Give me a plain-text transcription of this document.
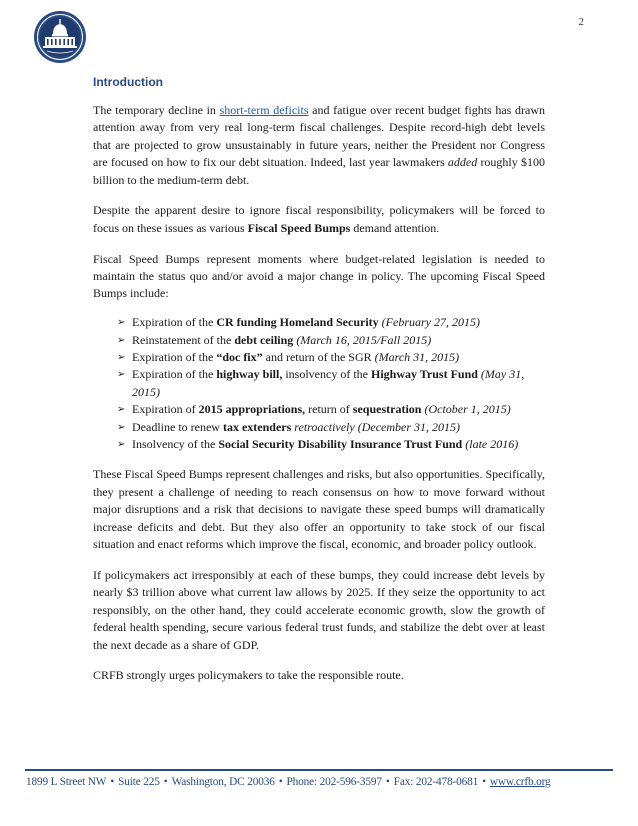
2
Introduction

The temporary decline in short-term deficits and fatigue over recent budget fights has drawn attention away from very real long-term fiscal challenges. Despite record-high debt levels that are projected to grow unsustainably in future years, neither the President nor Congress are focused on how to fix our debt situation. Indeed, last year lawmakers added roughly $100 billion to the medium-term debt.

Despite the apparent desire to ignore fiscal responsibility, policymakers will be forced to focus on these issues as various Fiscal Speed Bumps demand attention.

Fiscal Speed Bumps represent moments where budget-related legislation is needed to maintain the status quo and/or avoid a major change in policy. The upcoming Fiscal Speed Bumps include:

➢ Expiration of the CR funding Homeland Security (February 27, 2015)
➢ Reinstatement of the debt ceiling (March 16, 2015/Fall 2015)
➢ Expiration of the “doc fix” and return of the SGR (March 31, 2015)
➢ Expiration of the highway bill, insolvency of the Highway Trust Fund (May 31, 2015)
➢ Expiration of 2015 appropriations, return of sequestration (October 1, 2015)
➢ Deadline to renew tax extenders retroactively (December 31, 2015)
➢ Insolvency of the Social Security Disability Insurance Trust Fund (late 2016)

These Fiscal Speed Bumps represent challenges and risks, but also opportunities. Specifically, they present a challenge of needing to reach consensus on how to move forward without major disruptions and a risk that decisions to navigate these speed bumps will dramatically increase deficits and debt. But they also offer an opportunity to take stock of our fiscal situation and enact reforms which improve the fiscal, economic, and broader policy outlook.

If policymakers act irresponsibly at each of these bumps, they could increase debt levels by nearly $3 trillion above what current law allows by 2025. If they seize the opportunity to act responsibly, on the other hand, they could accelerate economic growth, slow the growth of federal health spending, secure various federal trust funds, and stabilize the debt over at least the next decade as a share of GDP.

CRFB strongly urges policymakers to take the responsible route.

1899 L Street NW • Suite 225 • Washington, DC 20036 • Phone: 202-596-3597 • Fax: 202-478-0681 • www.crfb.org
